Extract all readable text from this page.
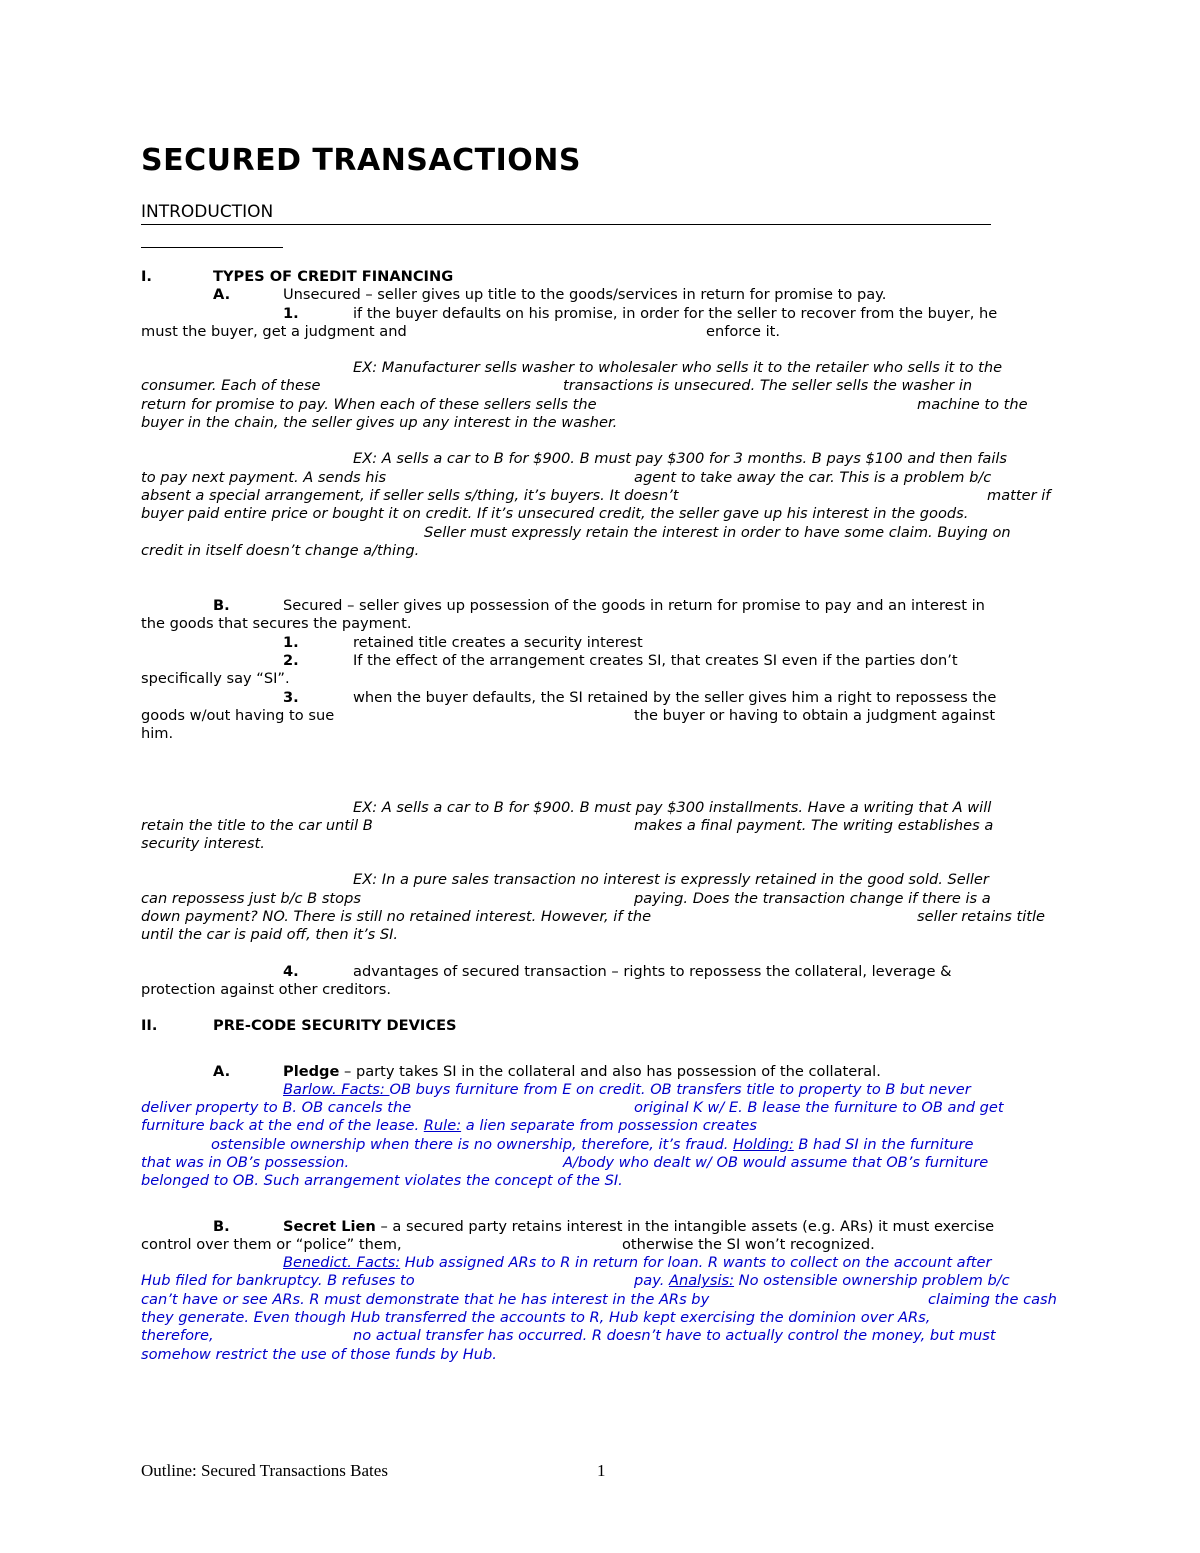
SECURED TRANSACTIONS
INTRODUCTION
I.	TYPES OF CREDIT FINANCING
A.	Unsecured – seller gives up title to the goods/services in return for promise to pay.
1.	if the buyer defaults on his promise, in order for the seller to recover from the buyer, he
must the buyer, get a judgment and	enforce it.
EX: Manufacturer sells washer to wholesaler who sells it to the retailer who sells it to the
consumer. Each of these	transactions is unsecured. The seller sells the washer in
return for promise to pay. When each of these sellers sells the	machine to the
buyer in the chain, the seller gives up any interest in the washer.
EX: A sells a car to B for $900. B must pay $300 for 3 months. B pays $100 and then fails
to pay next payment. A sends his	agent to take away the car. This is a problem b/c
absent a special arrangement, if seller sells s/thing, it’s buyers. It doesn’t	matter if
buyer paid entire price or bought it on credit. If it’s unsecured credit, the seller gave up his interest in the goods.
Seller must expressly retain the interest in order to have some claim. Buying on
credit in itself doesn’t change a/thing.
B.	Secured – seller gives up possession of the goods in return for promise to pay and an interest in
the goods that secures the payment.
1.	retained title creates a security interest
2.	If the effect of the arrangement creates SI, that creates SI even if the parties don’t
specifically say “SI”.
3.	when the buyer defaults, the SI retained by the seller gives him a right to repossess the
goods w/out having to sue	the buyer or having to obtain a judgment against
him.
EX: A sells a car to B for $900. B must pay $300 installments. Have a writing that A will
retain the title to the car until B	makes a final payment. The writing establishes a
security interest.
EX: In a pure sales transaction no interest is expressly retained in the good sold. Seller
can repossess just b/c B stops	paying. Does the transaction change if there is a
down payment? NO. There is still no retained interest. However, if the	seller retains title
until the car is paid off, then it’s SI.
4.	advantages of secured transaction – rights to repossess the collateral, leverage &
protection against other creditors.
II.	PRE-CODE SECURITY DEVICES
A.	Pledge – party takes SI in the collateral and also has possession of the collateral.
Barlow. Facts: OB buys furniture from E on credit. OB transfers title to property to B but never
deliver property to B. OB cancels the	original K w/ E. B lease the furniture to OB and get
furniture back at the end of the lease. Rule: a lien separate from possession creates
ostensible ownership when there is no ownership, therefore, it’s fraud. Holding: B had SI in the furniture
that was in OB’s possession.	A/body who dealt w/ OB would assume that OB’s furniture
belonged to OB. Such arrangement violates the concept of the SI.
B.	Secret Lien – a secured party retains interest in the intangible assets (e.g. ARs) it must exercise
control over them or “police” them,	otherwise the SI won’t recognized.
Benedict. Facts: Hub assigned ARs to R in return for loan. R wants to collect on the account after
Hub filed for bankruptcy. B refuses to	pay. Analysis: No ostensible ownership problem b/c
can’t have or see ARs. R must demonstrate that he has interest in the ARs by	claiming the cash
they generate. Even though Hub transferred the accounts to R, Hub kept exercising the dominion over ARs,
therefore,	no actual transfer has occurred. R doesn’t have to actually control the money, but must
somehow restrict the use of those funds by Hub.
Outline: Secured Transactions Bates	1
